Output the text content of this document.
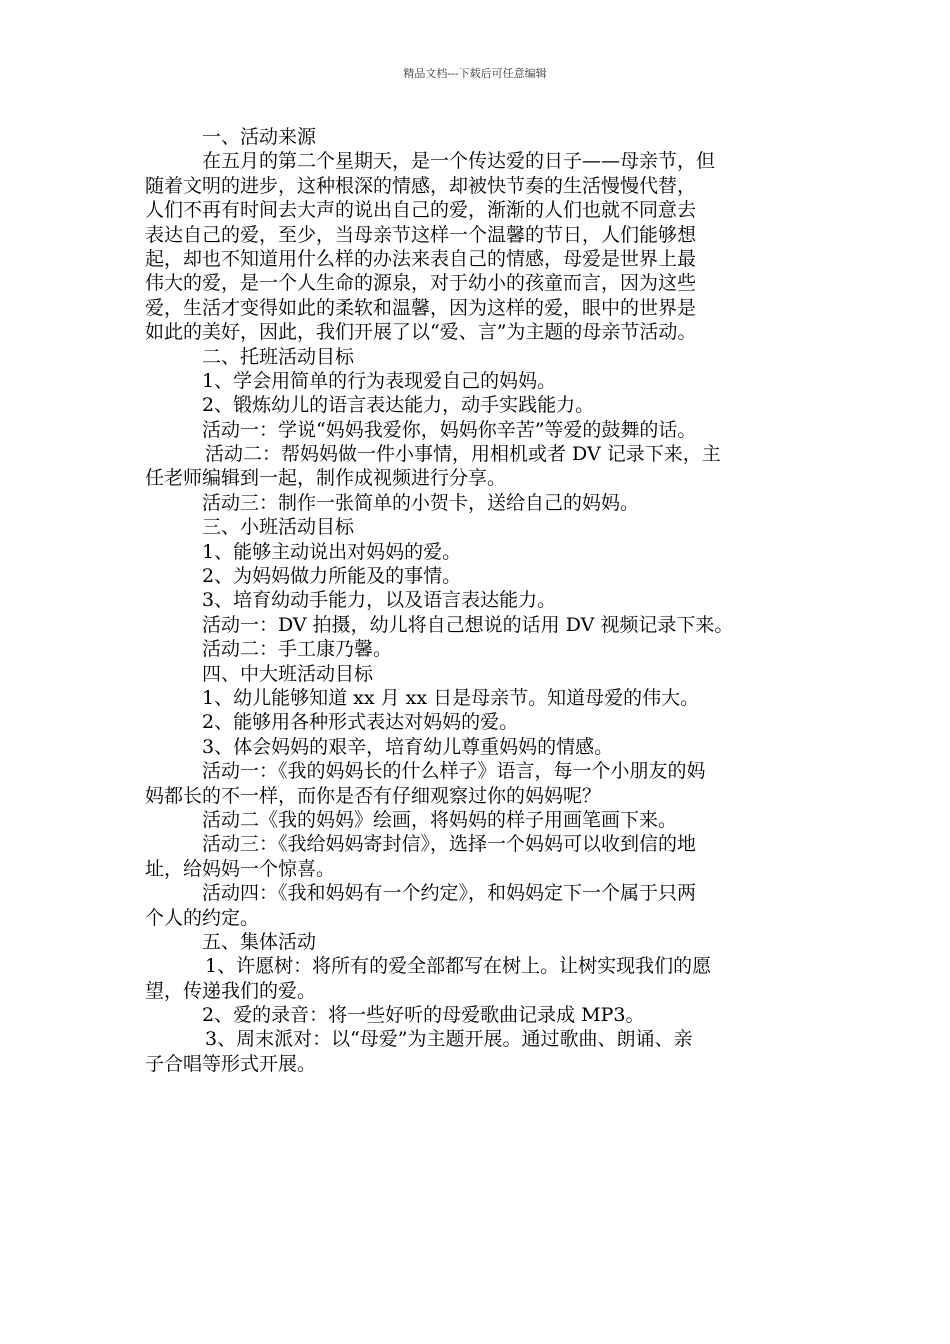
精品文档---下载后可任意编辑
一、活动来源
在五月的第二个星期天，是一个传达爱的日子——母亲节，但
随着文明的进步，这种根深的情感，却被快节奏的生活慢慢代替，
人们不再有时间去大声的说出自己的爱，渐渐的人们也就不同意去
表达自己的爱，至少，当母亲节这样一个温馨的节日，人们能够想
起，却也不知道用什么样的办法来表自己的情感，母爱是世界上最
伟大的爱，是一个人生命的源泉，对于幼小的孩童而言，因为这些
爱，生活才变得如此的柔软和温馨，因为这样的爱，眼中的世界是
如此的美好，因此，我们开展了以“爱、言”为主题的母亲节活动。
二、托班活动目标
1、学会用简单的行为表现爱自己的妈妈。
2、锻炼幼儿的语言表达能力，动手实践能力。
活动一：学说“妈妈我爱你，妈妈你辛苦”等爱的鼓舞的话。
活动二：帮妈妈做一件小事情，用相机或者 DV 记录下来，主
任老师编辑到一起，制作成视频进行分享。
活动三：制作一张简单的小贺卡，送给自己的妈妈。
三、小班活动目标
1、能够主动说出对妈妈的爱。
2、为妈妈做力所能及的事情。
3、培育幼动手能力，以及语言表达能力。
活动一：DV 拍摄，幼儿将自己想说的话用 DV 视频记录下来。
活动二：手工康乃馨。
四、中大班活动目标
1、幼儿能够知道 xx 月 xx 日是母亲节。知道母爱的伟大。
2、能够用各种形式表达对妈妈的爱。
3、体会妈妈的艰辛，培育幼儿尊重妈妈的情感。
活动一：《我的妈妈长的什么样子》语言，每一个小朋友的妈
妈都长的不一样，而你是否有仔细观察过你的妈妈呢？
活动二《我的妈妈》绘画，将妈妈的样子用画笔画下来。
活动三：《我给妈妈寄封信》，选择一个妈妈可以收到信的地
址，给妈妈一个惊喜。
活动四：《我和妈妈有一个约定》，和妈妈定下一个属于只两
个人的约定。
五、集体活动
1、许愿树：将所有的爱全部都写在树上。让树实现我们的愿
望，传递我们的爱。
2、爱的录音：将一些好听的母爱歌曲记录成 MP3。
3、周末派对：以“母爱”为主题开展。通过歌曲、朗诵、亲
子合唱等形式开展。
